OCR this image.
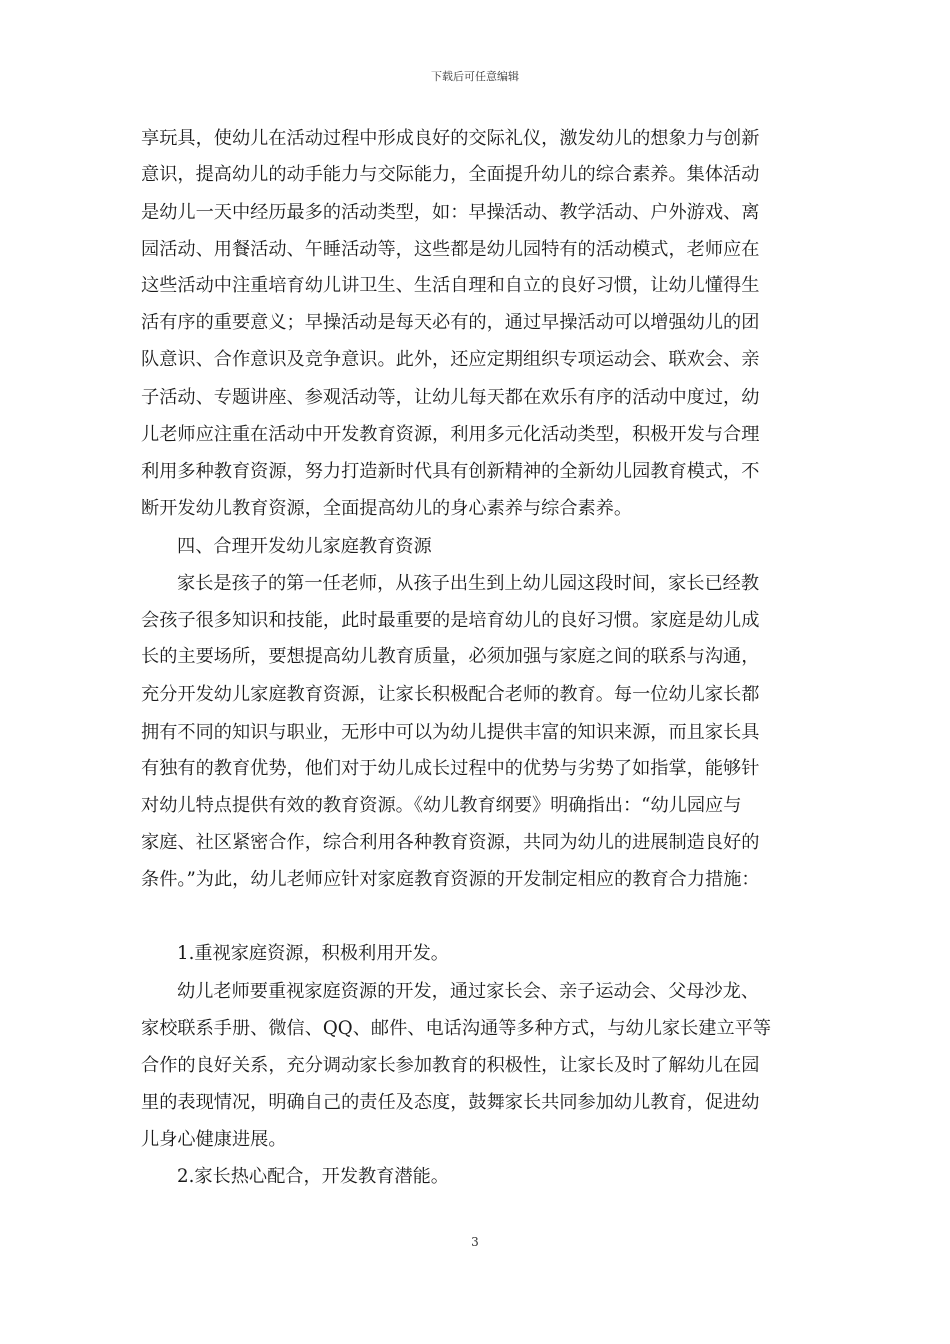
下载后可任意编辑
享玩具，使幼儿在活动过程中形成良好的交际礼仪，激发幼儿的想象力与创新
意识，提高幼儿的动手能力与交际能力，全面提升幼儿的综合素养。集体活动
是幼儿一天中经历最多的活动类型，如：早操活动、教学活动、户外游戏、离
园活动、用餐活动、午睡活动等，这些都是幼儿园特有的活动模式，老师应在
这些活动中注重培育幼儿讲卫生、生活自理和自立的良好习惯，让幼儿懂得生
活有序的重要意义；早操活动是每天必有的，通过早操活动可以增强幼儿的团
队意识、合作意识及竞争意识。此外，还应定期组织专项运动会、联欢会、亲
子活动、专题讲座、参观活动等，让幼儿每天都在欢乐有序的活动中度过，幼
儿老师应注重在活动中开发教育资源，利用多元化活动类型，积极开发与合理
利用多种教育资源，努力打造新时代具有创新精神的全新幼儿园教育模式，不
断开发幼儿教育资源，全面提高幼儿的身心素养与综合素养。
四、合理开发幼儿家庭教育资源
家长是孩子的第一任老师，从孩子出生到上幼儿园这段时间，家长已经教
会孩子很多知识和技能，此时最重要的是培育幼儿的良好习惯。家庭是幼儿成
长的主要场所，要想提高幼儿教育质量，必须加强与家庭之间的联系与沟通，
充分开发幼儿家庭教育资源，让家长积极配合老师的教育。每一位幼儿家长都
拥有不同的知识与职业，无形中可以为幼儿提供丰富的知识来源，而且家长具
有独有的教育优势，他们对于幼儿成长过程中的优势与劣势了如指掌，能够针
对幼儿特点提供有效的教育资源。《幼儿教育纲要》明确指出：“幼儿园应与
家庭、社区紧密合作，综合利用各种教育资源，共同为幼儿的进展制造良好的
条件。”为此，幼儿老师应针对家庭教育资源的开发制定相应的教育合力措施：
1.重视家庭资源，积极利用开发。
幼儿老师要重视家庭资源的开发，通过家长会、亲子运动会、父母沙龙、
家校联系手册、微信、QQ、邮件、电话沟通等多种方式，与幼儿家长建立平等
合作的良好关系，充分调动家长参加教育的积极性，让家长及时了解幼儿在园
里的表现情况，明确自己的责任及态度，鼓舞家长共同参加幼儿教育，促进幼
儿身心健康进展。
2.家长热心配合，开发教育潜能。
3
